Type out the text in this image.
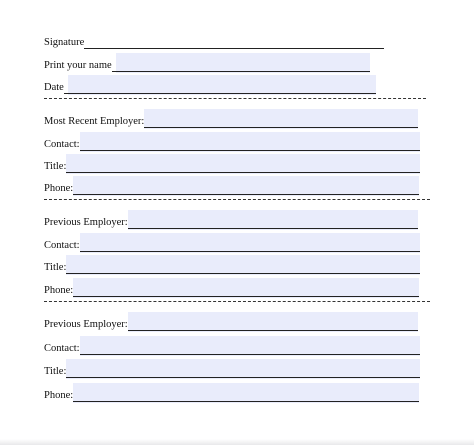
Signature
Print your name
Date
Most Recent Employer:
Contact:
Title:
Phone:
Previous Employer:
Contact:
Title:
Phone:
Previous Employer:
Contact:
Title:
Phone:
